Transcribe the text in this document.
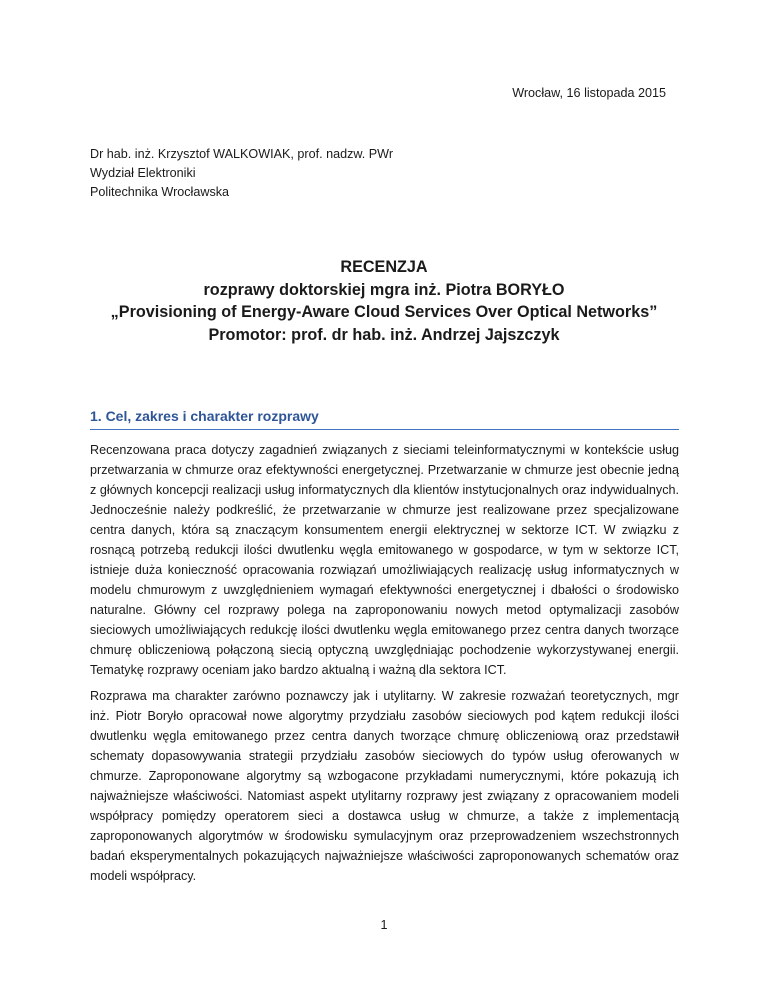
Wrocław, 16 listopada 2015
Dr hab. inż. Krzysztof WALKOWIAK, prof. nadzw. PWr
Wydział Elektroniki
Politechnika Wrocławska
RECENZJA
rozprawy doktorskiej mgra inż. Piotra BORYŁO
„Provisioning of Energy-Aware Cloud Services Over Optical Networks”
Promotor: prof. dr hab. inż. Andrzej Jajszczyk
1. Cel, zakres i charakter rozprawy

Recenzowana praca dotyczy zagadnień związanych z sieciami teleinformatycznymi w kontekście usług przetwarzania w chmurze oraz efektywności energetycznej. Przetwarzanie w chmurze jest obecnie jedną z głównych koncepcji realizacji usług informatycznych dla klientów instytucjonalnych oraz indywidualnych. Jednocześnie należy podkreślić, że przetwarzanie w chmurze jest realizowane przez specjalizowane centra danych, która są znaczącym konsumentem energii elektrycznej w sektorze ICT. W związku z rosnącą potrzebą redukcji ilości dwutlenku węgla emitowanego w gospodarce, w tym w sektorze ICT, istnieje duża konieczność opracowania rozwiązań umożliwiających realizację usług informatycznych w modelu chmurowym z uwzględnieniem wymagań efektywności energetycznej i dbałości o środowisko naturalne. Główny cel rozprawy polega na zaproponowaniu nowych metod optymalizacji zasobów sieciowych umożliwiających redukcję ilości dwutlenku węgla emitowanego przez centra danych tworzące chmurę obliczeniową połączoną siecią optyczną uwzględniając pochodzenie wykorzystywanej energii. Tematykę rozprawy oceniam jako bardzo aktualną i ważną dla sektora ICT.

Rozprawa ma charakter zarówno poznawczy jak i utylitarny. W zakresie rozważań teoretycznych, mgr inż. Piotr Boryło opracował nowe algorytmy przydziału zasobów sieciowych pod kątem redukcji ilości dwutlenku węgla emitowanego przez centra danych tworzące chmurę obliczeniową oraz przedstawił schematy dopasowywania strategii przydziału zasobów sieciowych do typów usług oferowanych w chmurze. Zaproponowane algorytmy są wzbogacone przykładami numerycznymi, które pokazują ich najważniejsze właściwości. Natomiast aspekt utylitarny rozprawy jest związany z opracowaniem modeli współpracy pomiędzy operatorem sieci a dostawca usług w chmurze, a także z implementacją zaproponowanych algorytmów w środowisku symulacyjnym oraz przeprowadzeniem wszechstronnych badań eksperymentalnych pokazujących najważniejsze właściwości zaproponowanych schematów oraz modeli współpracy.

1
